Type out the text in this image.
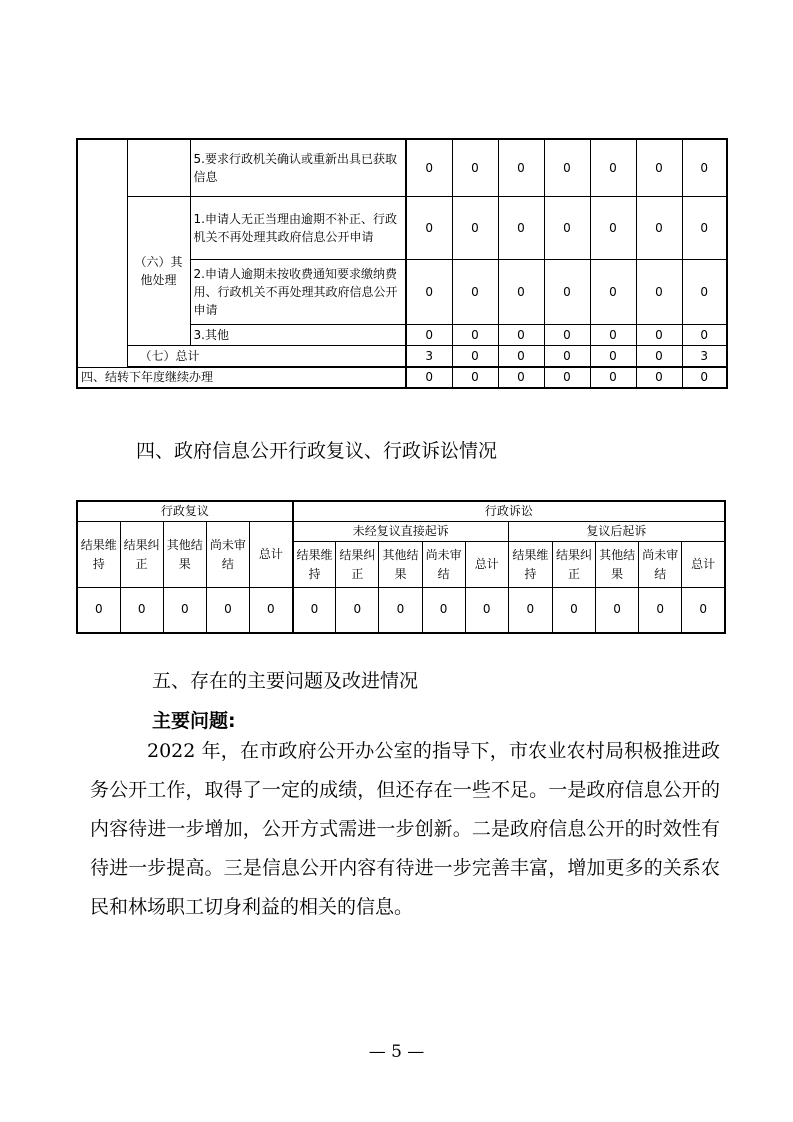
		5.要求行政机关确认或重新出具已获取信息	0	0	0	0	0	0	0
	（六）其他处理	1.申请人无正当理由逾期不补正、行政机关不再处理其政府信息公开申请	0	0	0	0	0	0	0
		2.申请人逾期未按收费通知要求缴纳费用、行政机关不再处理其政府信息公开申请	0	0	0	0	0	0	0
		3.其他	0	0	0	0	0	0	0
	（七）总计		3	0	0	0	0	0	3

四、结转下年度继续办理			0	0	0	0	0	0	0
四、政府信息公开行政复议、行政诉讼情况
行政复议					行政诉讼									
结果维持	结果纠正	其他结果	尚未审结	总计	未经复议直接起诉					复议后起诉				
					结果维持	结果纠正	其他结果	尚未审结	总计	结果维持	结果纠正	其他结果	尚未审结	总计
0	0	0	0	0	0	0	0	0	0	0	0	0	0	0
五、存在的主要问题及改进情况
主要问题:

2022 年，在市政府公开办公室的指导下，市农业农村局积极推进政务公开工作，取得了一定的成绩，但还存在一些不足。一是政府信息公开的内容待进一步增加，公开方式需进一步创新。二是政府信息公开的时效性有待进一步提高。三是信息公开内容有待进一步完善丰富，增加更多的关系农民和林场职工切身利益的相关的信息。

— 5 —
